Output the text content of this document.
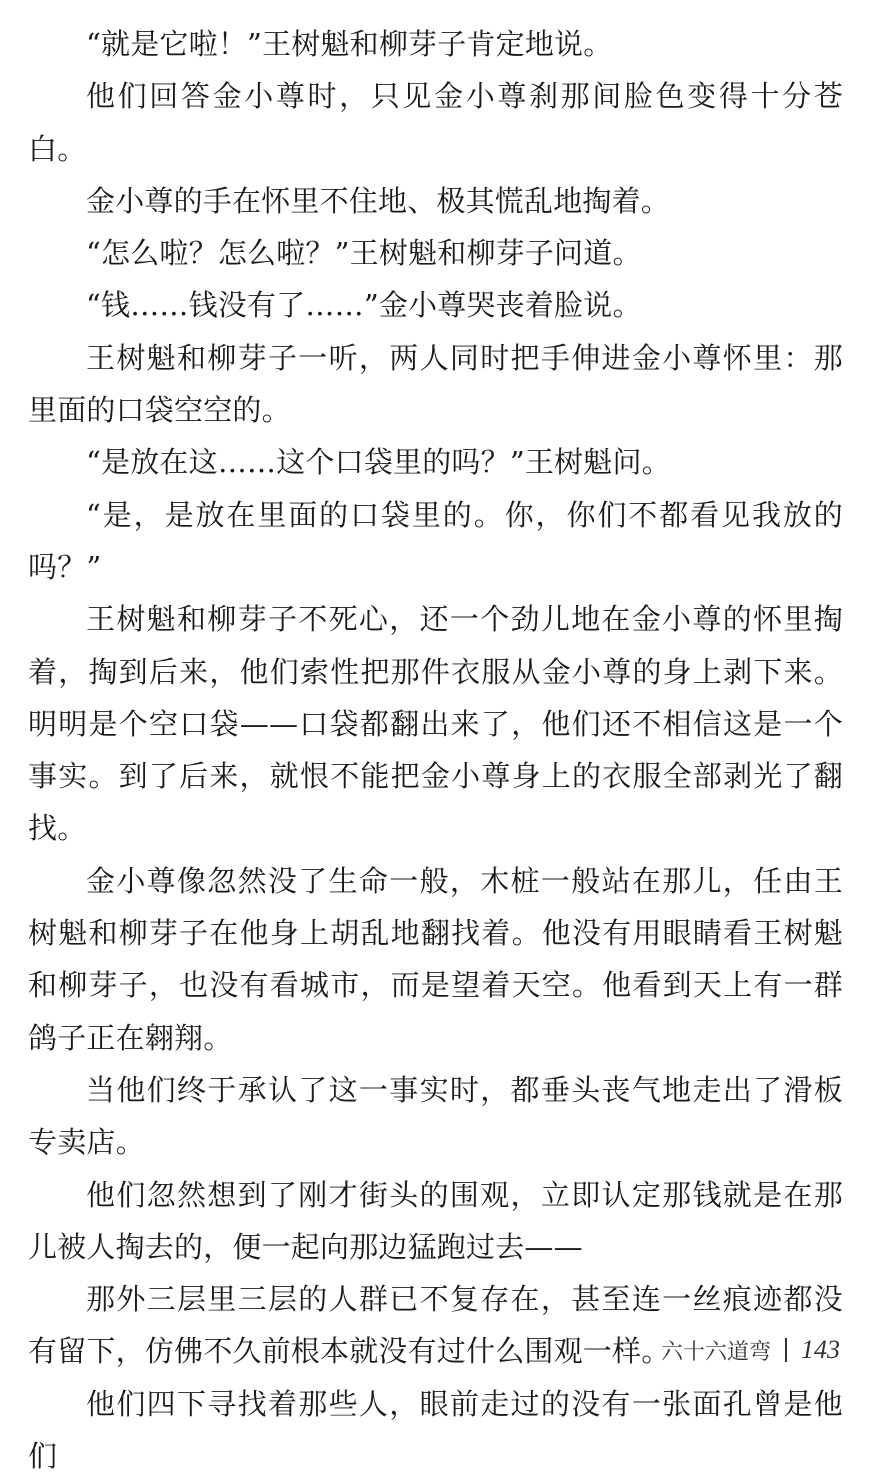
“就是它啦！”王树魁和柳芽子肯定地说。

他们回答金小尊时，只见金小尊刹那间脸色变得十分苍白。

金小尊的手在怀里不住地、极其慌乱地掏着。

“怎么啦？怎么啦？”王树魁和柳芽子问道。

“钱……钱没有了……”金小尊哭丧着脸说。

王树魁和柳芽子一听，两人同时把手伸进金小尊怀里：那里面的口袋空空的。

“是放在这……这个口袋里的吗？”王树魁问。

“是，是放在里面的口袋里的。你，你们不都看见我放的吗？”

王树魁和柳芽子不死心，还一个劲儿地在金小尊的怀里掏着，掏到后来，他们索性把那件衣服从金小尊的身上剥下来。明明是个空口袋——口袋都翻出来了，他们还不相信这是一个事实。到了后来，就恨不能把金小尊身上的衣服全部剥光了翻找。

金小尊像忽然没了生命一般，木桩一般站在那儿，任由王树魁和柳芽子在他身上胡乱地翻找着。他没有用眼睛看王树魁和柳芽子，也没有看城市，而是望着天空。他看到天上有一群鸽子正在翱翔。

当他们终于承认了这一事实时，都垂头丧气地走出了滑板专卖店。

他们忽然想到了刚才街头的围观，立即认定那钱就是在那儿被人掏去的，便一起向那边猛跑过去——

那外三层里三层的人群已不复存在，甚至连一丝痕迹都没有留下，仿佛不久前根本就没有过什么围观一样。

他们四下寻找着那些人，眼前走过的没有一张面孔曾是他们

六十六道弯 143
